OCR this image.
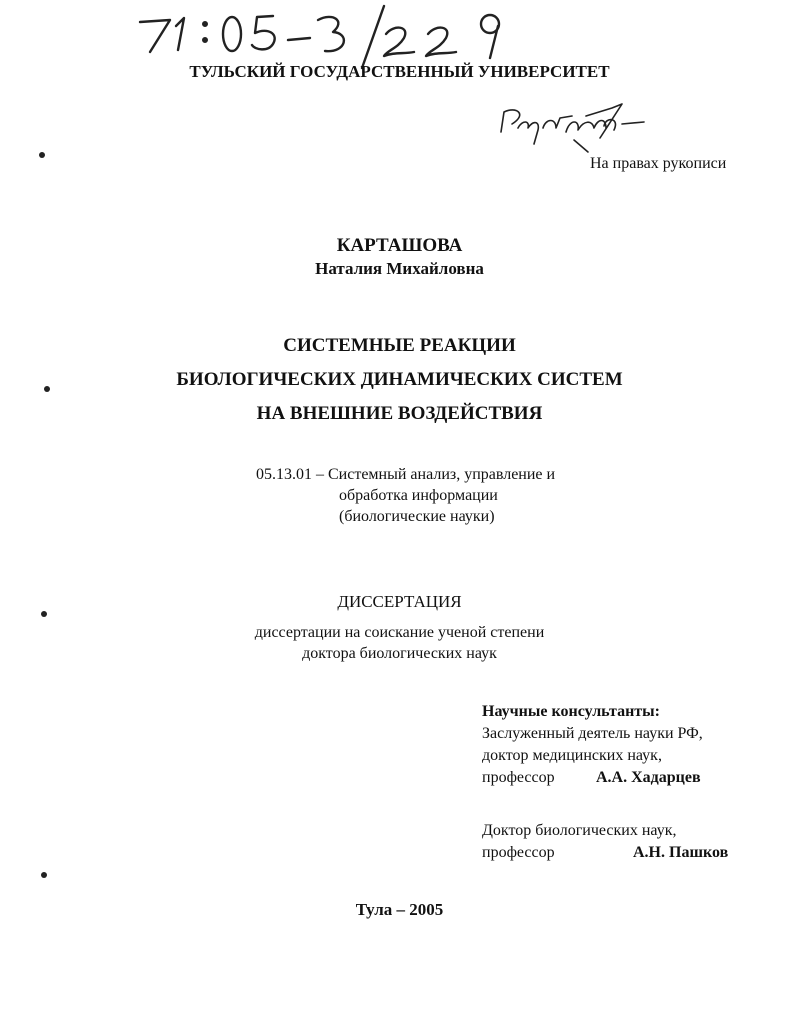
ТУЛЬСКИЙ ГОСУДАРСТВЕННЫЙ УНИВЕРСИТЕТ
На правах рукописи
КАРТАШОВА
Наталия Михайловна
СИСТЕМНЫЕ РЕАКЦИИ
БИОЛОГИЧЕСКИХ ДИНАМИЧЕСКИХ СИСТЕМ
НА ВНЕШНИЕ ВОЗДЕЙСТВИЯ
05.13.01 – Системный анализ, управление и
обработка информации
(биологические науки)
ДИССЕРТАЦИЯ
диссертации на соискание ученой степени
доктора биологических наук
Научные консультанты:
Заслуженный деятель науки РФ,
доктор медицинских наук,
профессор	А.А. Хадарцев
Доктор биологических наук,
профессор	А.Н. Пашков
Тула – 2005
